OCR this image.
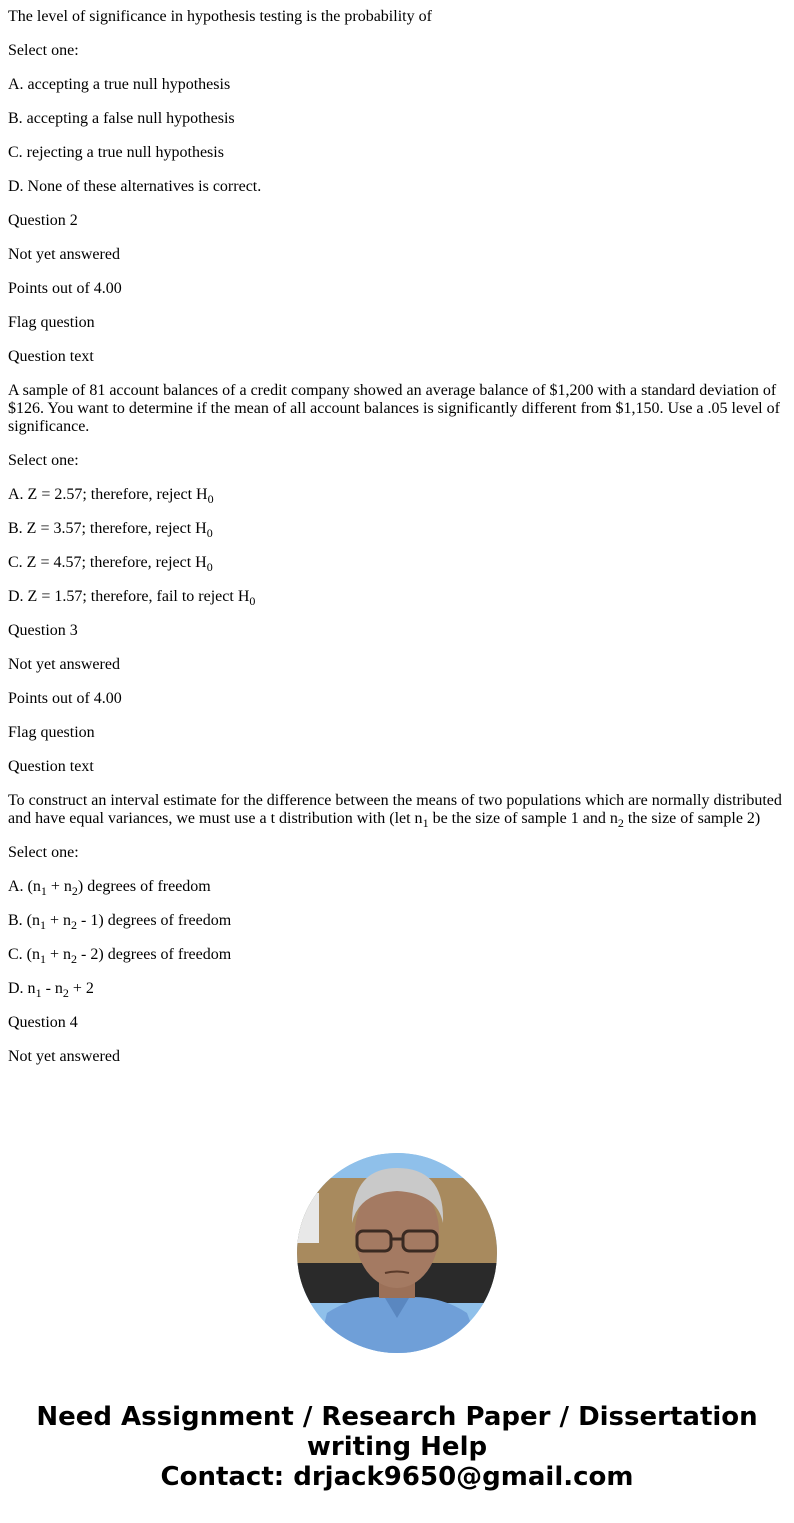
The level of significance in hypothesis testing is the probability of

Select one:

A. accepting a true null hypothesis

B. accepting a false null hypothesis

C. rejecting a true null hypothesis

D. None of these alternatives is correct.

Question 2

Not yet answered

Points out of 4.00

Flag question

Question text

A sample of 81 account balances of a credit company showed an average balance of $1,200 with a standard deviation of $126. You want to determine if the mean of all account balances is significantly different from $1,150. Use a .05 level of significance.

Select one:

A. Z = 2.57; therefore, reject $H_0$

B. Z = 3.57; therefore, reject $H_0$

C. Z = 4.57; therefore, reject $H_0$

D. Z = 1.57; therefore, fail to reject $H_0$

Question 3

Not yet answered

Points out of 4.00

Flag question

Question text

To construct an interval estimate for the difference between the means of two populations which are normally distributed and have equal variances, we must use a t distribution with (let $n_1$ be the size of sample 1 and $n_2$ the size of sample 2)

Select one:

A. $(n_1 + n_2)$ degrees of freedom

B. $(n_1 + n_2 - 1)$ degrees of freedom

C. $(n_1 + n_2 - 2)$ degrees of freedom

D. $n_1 - n_2 + 2$

Question 4

Not yet answered

Need Assignment / Research Paper / Dissertation
writing Help
Contact: drjack9650@gmail.com
